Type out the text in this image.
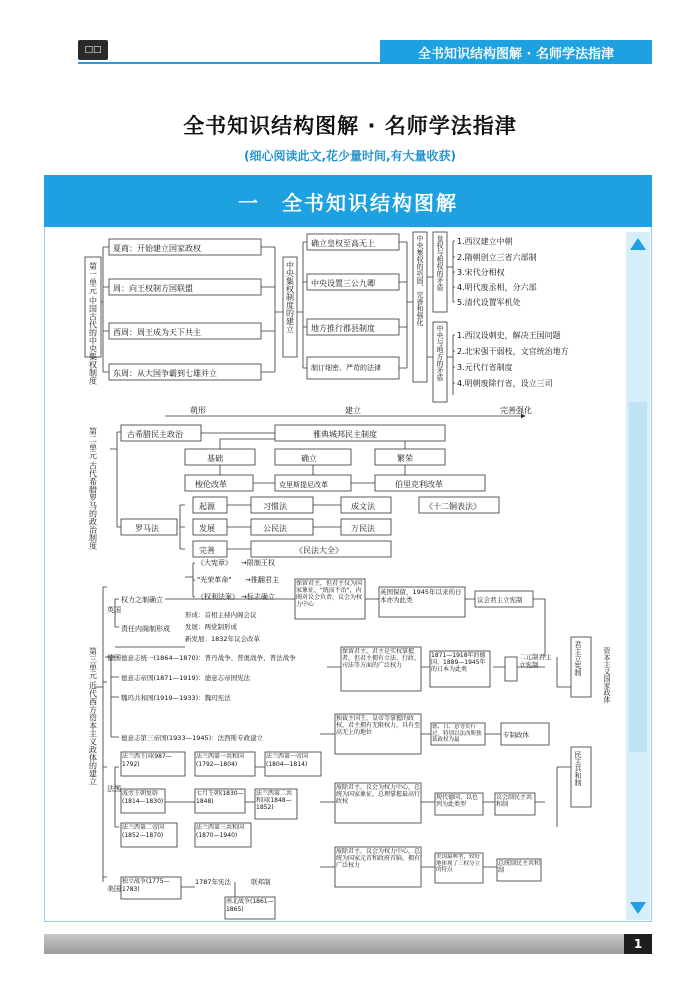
□□	全书知识结构图解 · 名师学法指津
全书知识结构图解 · 名师学法指津
(细心阅读此文,花少量时间,有大量收获)
一　全书知识结构图解
第一单元 中国古代的中央集权制度
夏商：开始建立国家政权
周：向王权制方国联盟
西周：周王成为天下共主
东周：从大国争霸到七雄并立
中央集权制度的建立
确立皇权至高无上
中央设置三公九卿
地方推行郡县制度
制订细密、严苛的法律
中央集权的巩固、完善和强化 皇权与相权的矛盾
中央与地方的矛盾
1.西汉建立中朝
2.隋朝创立三省六部制
3.宋代分相权
4.明代废丞相，分六部
5.清代设置军机处
1.西汉设刺史，解决王国问题
2.北宋强干弱枝，文官统治地方
3.元代行省制度
4.明朝废除行省，设立三司
第二单元 古代希腊罗马的政治制度
萌形	建立	完善强化
古希腊民主政治	雅典城邦民主制度
基础	确立	繁荣
梭伦改革	克里斯提尼改革	伯里克利改革
罗马法
起源
发展
完善
习惯法	成文法	《十二铜表法》
公民法	万民法
《民法大全》
第三单元 近代西方资本主义政体的建立
英国
权力之制确立
责任内阁制形成
《大宪章》
"光荣革命"
《权利法案》
→限制王权
→推翻君主
→标志确立
形成：首相主持内阁会议
发展：两党制形成
新发展：1832年议会改革
保留君主，但君主仅为国家象征，"统而不治"，内阁对议会负责，议会为权力中心
英国保留，1945年以来的日本亦为此类	议会君主立宪制
德国 德意志统一(1864—1870)：普丹战争、普奥战争、普法战争
德意志帝国(1871—1919)：德意志帝国宪法
魏玛共和国(1919—1933)：魏玛宪法
德意志第三帝国(1933—1945)：法西斯专政建立
保留君主，君主是实权掌握者，但君主拥有立法、行政、司法等方面的广泛权力
1871—1918年的德国、1889—1945年的日本为此类
二元制君主立宪制
独裁主国王，皇帝等掌握的政权，君主拥有无限权力，具有至高无上的地位
德、日、意等实行过，特别以法西斯独裁政权为最
专制政体
君主立宪制
民主共和制
资本主义国家政体
法国
法兰西王国(987—1792)
法兰西第一共和国(1792—1804)
法兰西第一帝国(1804—1814)
波旁王朝复辟(1814—1830)
七月王朝(1830—1848)
法兰西第二共和国(1848—1852)
法兰西第二帝国(1852—1870)
法兰西第三共和国(1870—1940)
废除君主，议会为权力中心，总统为国家象征，总理掌握最高行政权
现代德国、以色列为此类型
议会制民主共和制
美国
独立战争(1775—1783)
1787年宪法	联邦制
南北战争(1861—1865)
废除君主，议会为权力中心，总统为国家元首和政府首脑，拥有广泛权力
美国最典型，较好地体现了三权分立的特点
总统制民主共和制
1
